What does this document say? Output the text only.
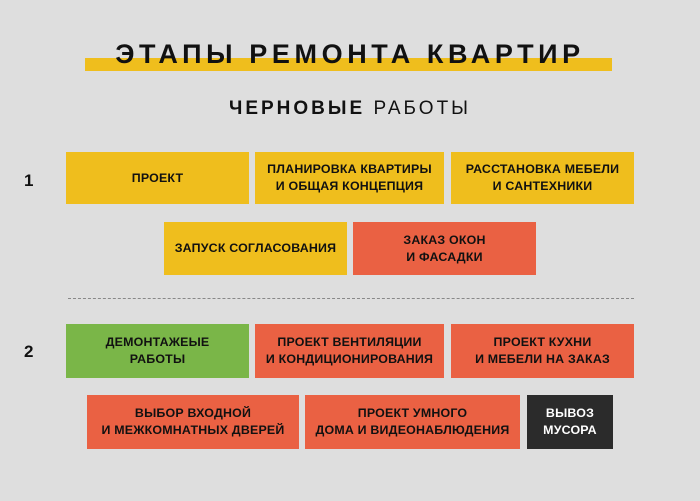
ЭТАПЫ РЕМОНТА КВАРТИР
ЧЕРНОВЫЕ РАБОТЫ
1	ПРОЕКТ
ПЛАНИРОВКА КВАРТИРЫ
И ОБЩАЯ КОНЦЕПЦИЯ
РАССТАНОВКА МЕБЕЛИ
И САНТЕХНИКИ
ЗАПУСК СОГЛАСОВАНИЯ
ЗАКАЗ ОКОН
И ФАСАДКИ
2	ДЕМОНТАЖЕЫЕ
РАБОТЫ
ПРОЕКТ ВЕНТИЛЯЦИИ
И КОНДИЦИОНИРОВАНИЯ
ПРОЕКТ КУХНИ
И МЕБЕЛИ НА ЗАКАЗ
ВЫБОР ВХОДНОЙ
И МЕЖКОМНАТНЫХ ДВЕРЕЙ
ПРОЕКТ УМНОГО
ДОМА И ВИДЕОНАБЛЮДЕНИЯ
ВЫВОЗ
МУСОРА
